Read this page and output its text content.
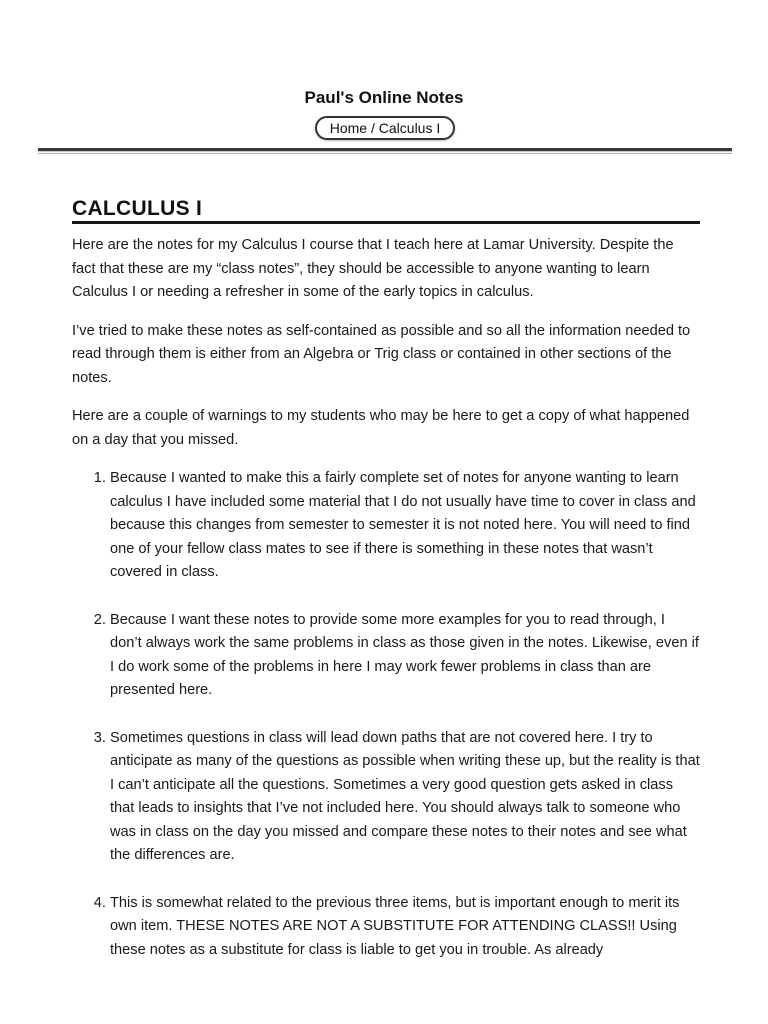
Paul's Online Notes
Home / Calculus I
CALCULUS I

Here are the notes for my Calculus I course that I teach here at Lamar University. Despite the fact that these are my “class notes”, they should be accessible to anyone wanting to learn Calculus I or needing a refresher in some of the early topics in calculus.

I’ve tried to make these notes as self-contained as possible and so all the information needed to read through them is either from an Algebra or Trig class or contained in other sections of the notes.

Here are a couple of warnings to my students who may be here to get a copy of what happened on a day that you missed.

1. Because I wanted to make this a fairly complete set of notes for anyone wanting to learn calculus I have included some material that I do not usually have time to cover in class and because this changes from semester to semester it is not noted here. You will need to find one of your fellow class mates to see if there is something in these notes that wasn’t covered in class.
2. Because I want these notes to provide some more examples for you to read through, I don’t always work the same problems in class as those given in the notes. Likewise, even if I do work some of the problems in here I may work fewer problems in class than are presented here.
3. Sometimes questions in class will lead down paths that are not covered here. I try to anticipate as many of the questions as possible when writing these up, but the reality is that I can’t anticipate all the questions. Sometimes a very good question gets asked in class that leads to insights that I’ve not included here. You should always talk to someone who was in class on the day you missed and compare these notes to their notes and see what the differences are.
4. This is somewhat related to the previous three items, but is important enough to merit its own item. THESE NOTES ARE NOT A SUBSTITUTE FOR ATTENDING CLASS!! Using these notes as a substitute for class is liable to get you in trouble. As already
